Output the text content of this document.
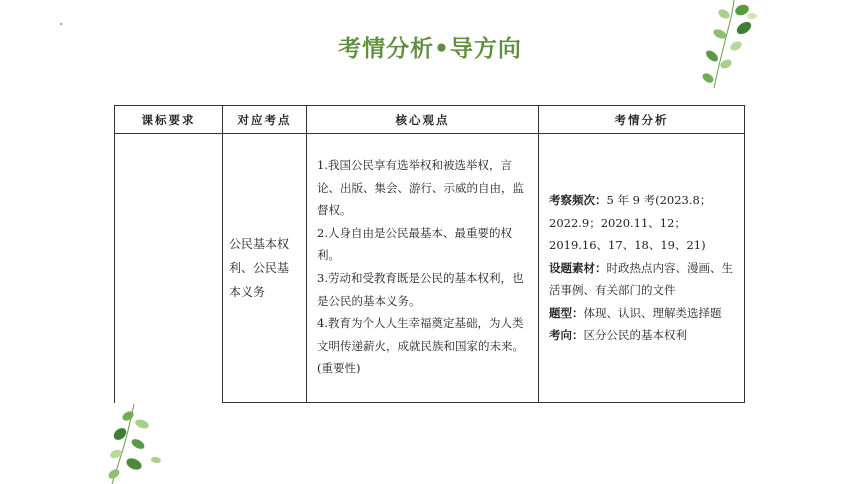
考情分析•导方向
课标要求	对应考点	核心观点	考情分析
	公民基本权利、公民基本义务	1.我国公民享有选举权和被选举权，言论、出版、集会、游行、示威的自由，监督权。
2.人身自由是公民最基本、最重要的权利。
3.劳动和受教育既是公民的基本权利，也是公民的基本义务。
4.教育为个人人生幸福奠定基础，为人类文明传递薪火，成就民族和国家的未来。(重要性)	考察频次：5 年 9 考(2023.8；2022.9；2020.11、12；2019.16、17、18、19、21)
设题素材：时政热点内容、漫画、生活事例、有关部门的文件
题型：体现、认识、理解类选择题
考向：区分公民的基本权利
